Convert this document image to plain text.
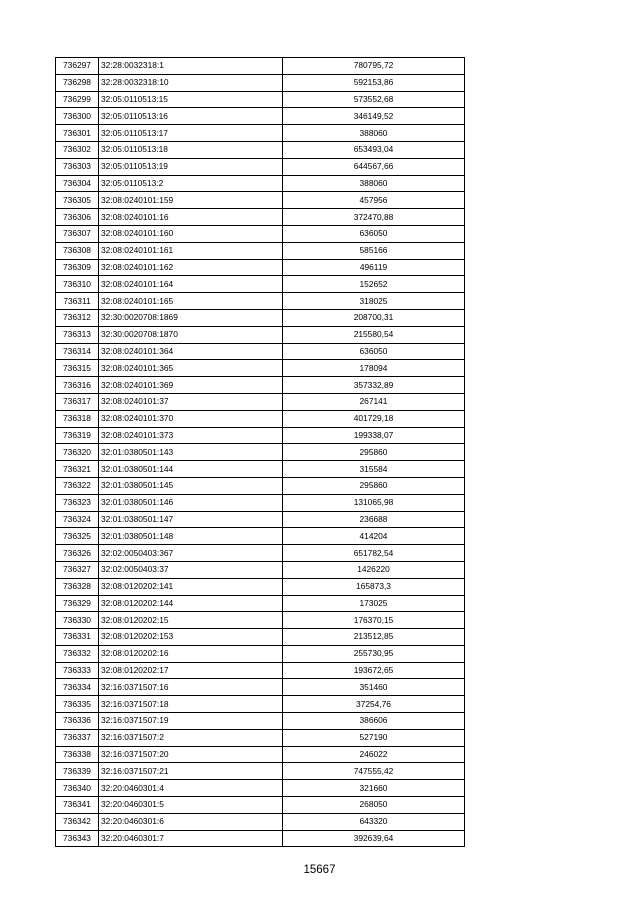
736297	32:28:0032318:1	780795,72
736298	32:28:0032318:10	592153,86
736299	32:05:0110513:15	573552,68
736300	32:05:0110513:16	346149,52
736301	32:05:0110513:17	388060
736302	32:05:0110513:18	653493,04
736303	32:05:0110513:19	644567,66
736304	32:05:0110513:2	388060
736305	32:08:0240101:159	457956
736306	32:08:0240101:16	372470,88
736307	32:08:0240101:160	636050
736308	32:08:0240101:161	585166
736309	32:08:0240101:162	496119
736310	32:08:0240101:164	152652
736311	32:08:0240101:165	318025
736312	32:30:0020708:1869	208700,31
736313	32:30:0020708:1870	215580,54
736314	32:08:0240101:364	636050
736315	32:08:0240101:365	178094
736316	32:08:0240101:369	357332,89
736317	32:08:0240101:37	267141
736318	32:08:0240101:370	401729,18
736319	32:08:0240101:373	199338,07
736320	32:01:0380501:143	295860
736321	32:01:0380501:144	315584
736322	32:01:0380501:145	295860
736323	32:01:0380501:146	131065,98
736324	32:01:0380501:147	236688
736325	32:01:0380501:148	414204
736326	32:02:0050403:367	651782,54
736327	32:02:0050403:37	1426220
736328	32:08:0120202:141	165873,3
736329	32:08:0120202:144	173025
736330	32:08:0120202:15	176370,15
736331	32:08:0120202:153	213512,85
736332	32:08:0120202:16	255730,95
736333	32:08:0120202:17	193672,65
736334	32:16:0371507:16	351460
736335	32:16:0371507:18	37254,76
736336	32:16:0371507:19	386606
736337	32:16:0371507:2	527190
736338	32:16:0371507:20	246022
736339	32:16:0371507:21	747555,42
736340	32:20:0460301:4	321660
736341	32:20:0460301:5	268050
736342	32:20:0460301:6	643320
736343	32:20:0460301:7	392639,64
15667
